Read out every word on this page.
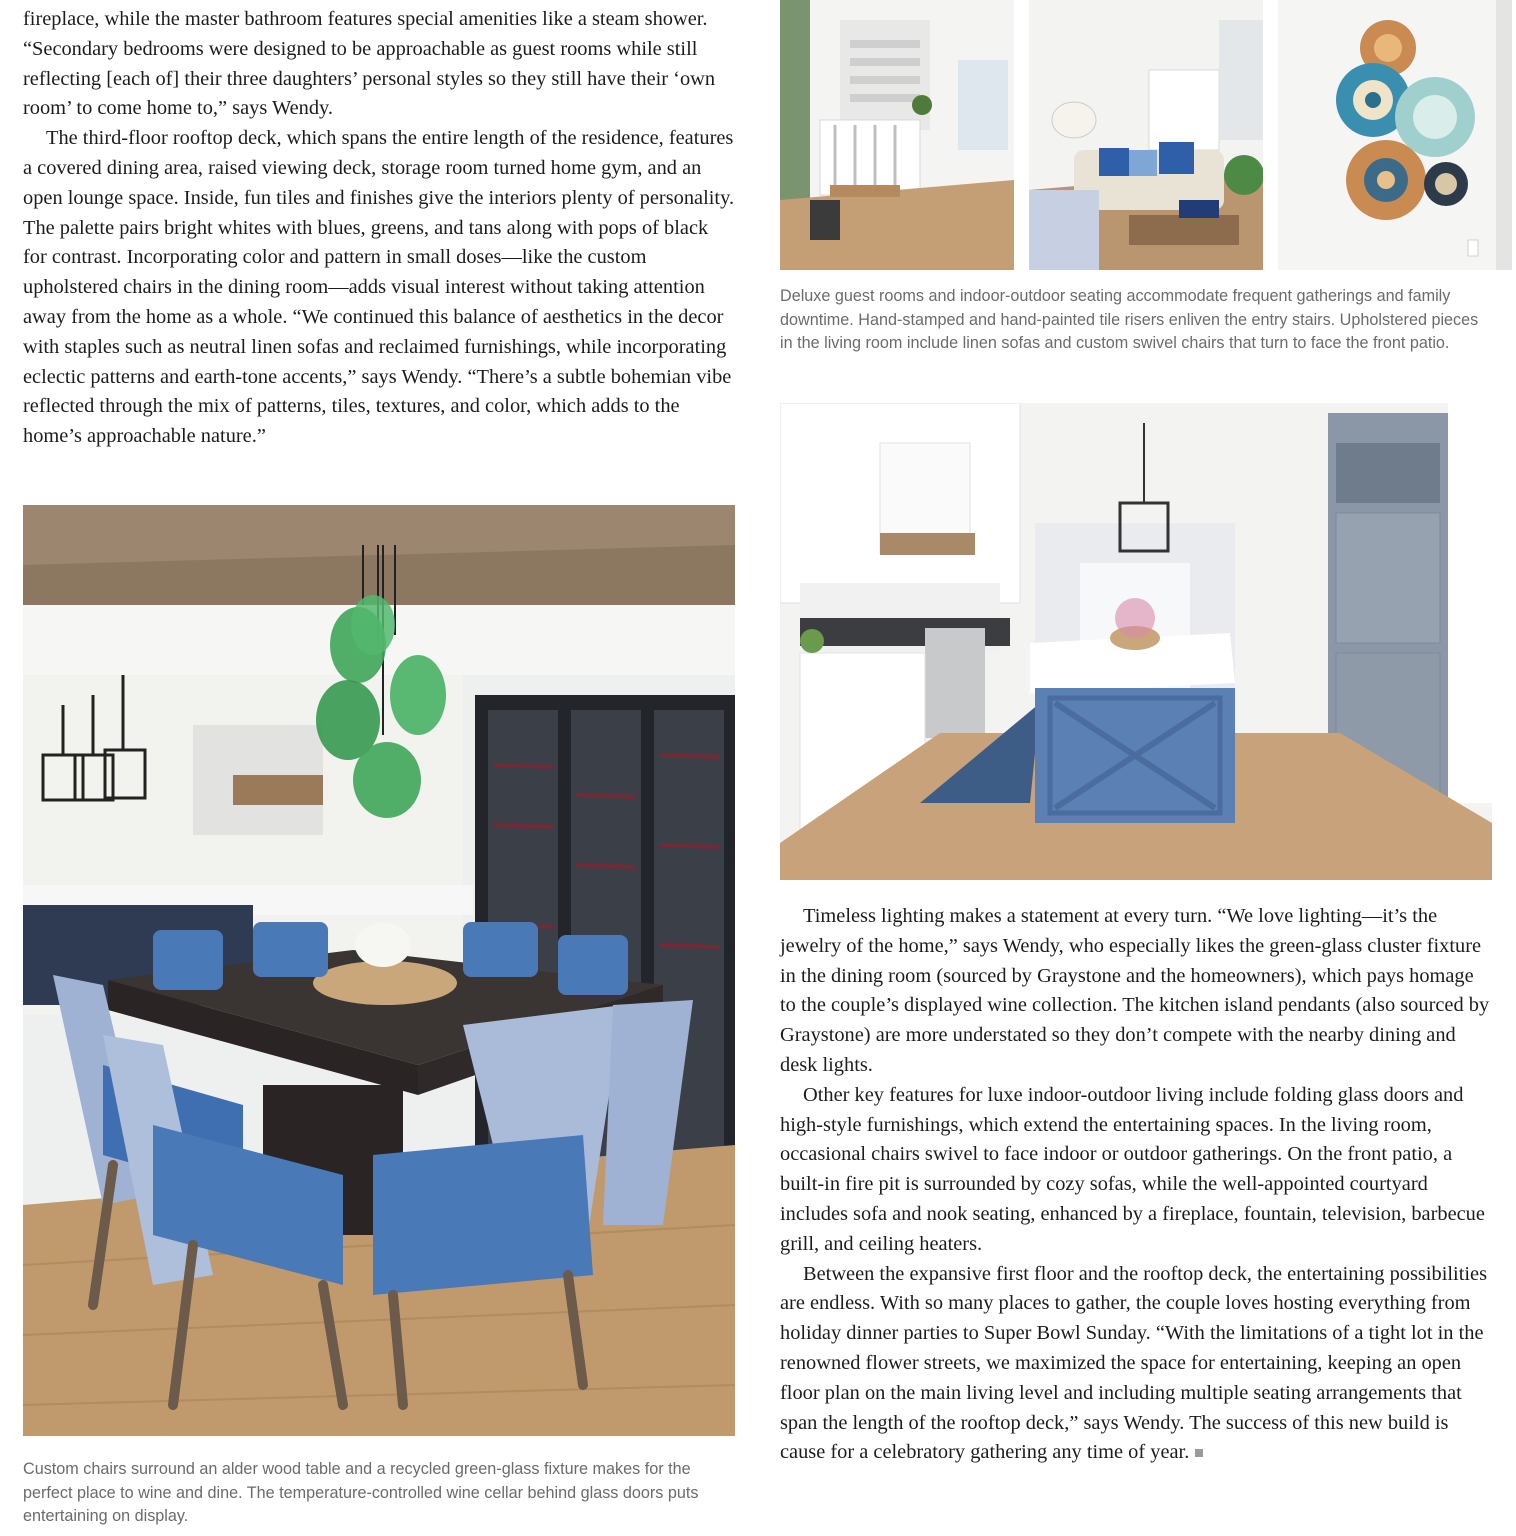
fireplace, while the master bathroom features special amenities like a steam shower. “Secondary bedrooms were designed to be approachable as guest rooms while still reflecting [each of] their three daughters’ personal styles so they still have their ‘own room’ to come home to,” says Wendy.

The third-floor rooftop deck, which spans the entire length of the residence, features a covered dining area, raised viewing deck, storage room turned home gym, and an open lounge space. Inside, fun tiles and finishes give the interiors plenty of personality. The palette pairs bright whites with blues, greens, and tans along with pops of black for contrast. Incorporating color and pattern in small doses—like the custom upholstered chairs in the dining room—adds visual interest without taking attention away from the home as a whole. “We continued this balance of aesthetics in the decor with staples such as neutral linen sofas and reclaimed furnishings, while incorporating eclectic patterns and earth-tone accents,” says Wendy. “There’s a subtle bohemian vibe reflected through the mix of patterns, tiles, textures, and color, which adds to the home’s approachable nature.”

Custom chairs surround an alder wood table and a recycled green-glass fixture makes for the perfect place to wine and dine. The temperature-controlled wine cellar behind glass doors puts entertaining on display.
Deluxe guest rooms and indoor-outdoor seating accommodate frequent gatherings and family downtime. Hand-stamped and hand-painted tile risers enliven the entry stairs. Upholstered pieces in the living room include linen sofas and custom swivel chairs that turn to face the front patio.

Timeless lighting makes a statement at every turn. “We love lighting—it’s the jewelry of the home,” says Wendy, who especially likes the green-glass cluster fixture in the dining room (sourced by Graystone and the homeowners), which pays homage to the couple’s displayed wine collection. The kitchen island pendants (also sourced by Graystone) are more understated so they don’t compete with the nearby dining and desk lights.

Other key features for luxe indoor-outdoor living include folding glass doors and high-style furnishings, which extend the entertaining spaces. In the living room, occasional chairs swivel to face indoor or outdoor gatherings. On the front patio, a built-in fire pit is surrounded by cozy sofas, while the well-appointed courtyard includes sofa and nook seating, enhanced by a fireplace, fountain, television, barbecue grill, and ceiling heaters.

Between the expansive first floor and the rooftop deck, the entertaining possibilities are endless. With so many places to gather, the couple loves hosting everything from holiday dinner parties to Super Bowl Sunday. “With the limitations of a tight lot in the renowned flower streets, we maximized the space for entertaining, keeping an open floor plan on the main living level and including multiple seating arrangements that span the length of the rooftop deck,” says Wendy. The success of this new build is cause for a celebratory gathering any time of year.
